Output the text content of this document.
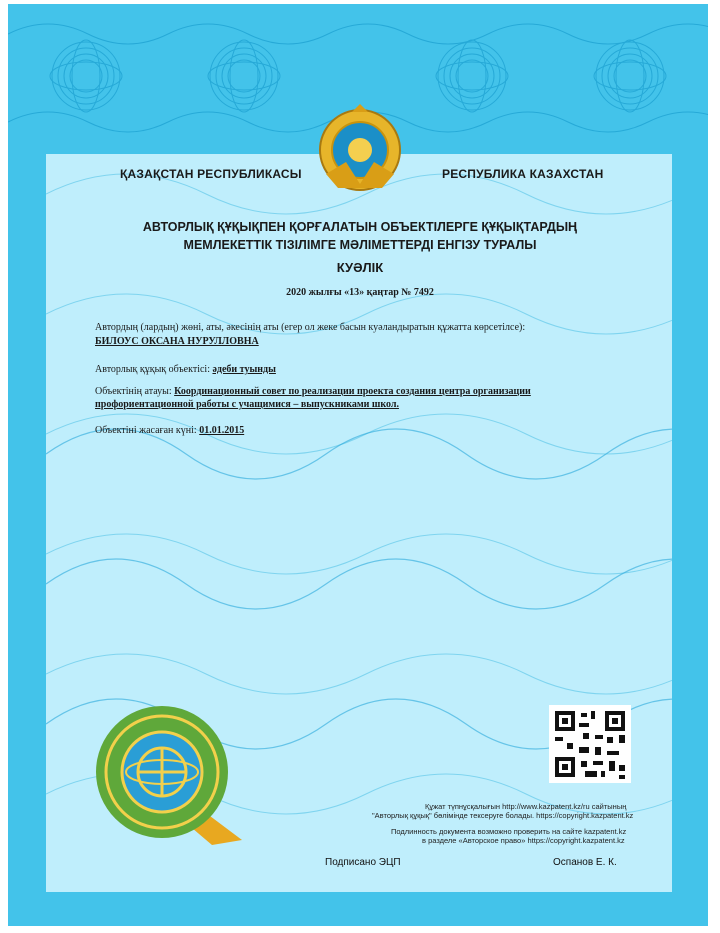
ҚАЗАҚСТАН РЕСПУБЛИКАСЫ	РЕСПУБЛИКА КАЗАХСТАН
АВТОРЛЫҚ ҚҰҚЫҚПЕН ҚОРҒАЛАТЫН ОБЪЕКТІЛЕРГЕ ҚҰҚЫҚТАРДЫҢ
МЕМЛЕКЕТТІК ТІЗІЛІМГЕ МӘЛІМЕТТЕРДІ ЕНГІЗУ ТУРАЛЫ
КУӘЛІК
2020 жылғы «13» қаңтар № 7492
Автордың (лардың) жөні, аты, әкесінің аты (егер ол жеке басын куәландыратын құжатта көрсетілсе):
БИЛОУС ОКСАНА НУРУЛЛОВНА
Авторлық құқық объектісі: әдеби туынды
Объектінің атауы: Координационный совет по реализации проекта создания центра организации
профориентационной работы с учащимися – выпускниками школ.
Объектіні жасаған күні: 01.01.2015
Құжат түпнұсқалығын http://www.kazpatent.kz/ru сайтының
"Авторлық құқық" бөлімінде тексеруге болады. https://copyright.kazpatent.kz
Подлинность документа возможно проверить на сайте kazpatent.kz
в разделе «Авторское право» https://copyright.kazpatent.kz
Подписано ЭЦП	Оспанов Е. К.
